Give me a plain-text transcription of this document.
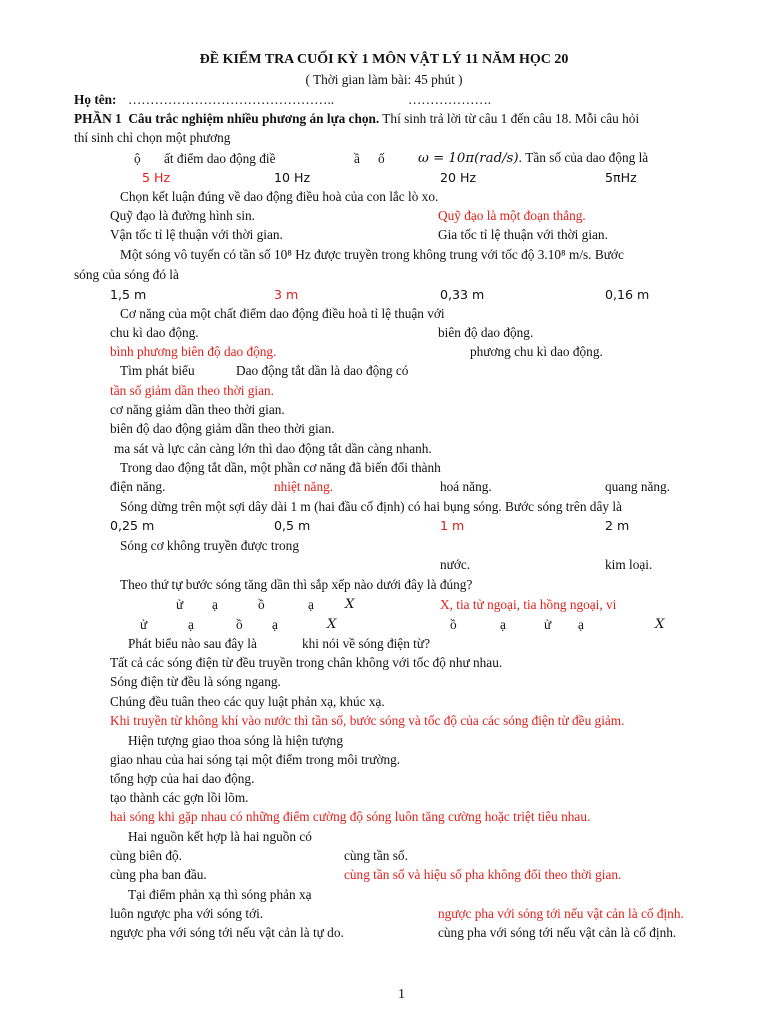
ĐỀ KIỂM TRA CUỐI KỲ 1 MÔN VẬT LÝ 11 NĂM HỌC 20
( Thời gian làm bài: 45 phút )
Họ tên: ………………………………………..	……………….
PHẦN 1 Câu trắc nghiệm nhiều phương án lựa chọn. Thí sinh trả lời từ câu 1 đến câu 18. Mỗi câu hỏi
thí sinh chỉ chọn một phương
ộ ất điểm dao động điề	ầ ố	ω = 10π(rad/s). Tần số của dao động là
5 Hz	10 Hz	20 Hz	5πHz
Chọn kết luận đúng về dao động điều hoà của con lắc lò xo.
Quỹ đạo là đường hình sin.	Quỹ đạo là một đoạn thẳng.
Vận tốc tỉ lệ thuận với thời gian.	Gia tốc tỉ lệ thuận với thời gian.
Một sóng vô tuyến có tần số 10⁸ Hz được truyền trong không trung với tốc độ 3.10⁸ m/s. Bước
sóng của sóng đó là
1,5 m	3 m	0,33 m	0,16 m
Cơ năng của một chất điểm dao động điều hoà tỉ lệ thuận với
chu kì dao động.	biên độ dao động.
bình phương biên độ dao động.	phương chu kì dao động.
Tìm phát biểu	Dao động tắt dần là dao động có
tần số giảm dần theo thời gian.
cơ năng giảm dần theo thời gian.
biên độ dao động giảm dần theo thời gian.
ma sát và lực cản càng lớn thì dao động tắt dần càng nhanh.
Trong dao động tắt dần, một phần cơ năng đã biến đổi thành
điện năng.	nhiệt năng.	hoá năng.	quang năng.
Sóng dừng trên một sợi dây dài 1 m (hai đầu cố định) có hai bụng sóng. Bước sóng trên dây là
0,25 m	0,5 m	1 m	2 m
Sóng cơ không truyền được trong
nước.	kim loại.
Theo thứ tự bước sóng tăng dần thì sắp xếp nào dưới đây là đúng?
ử ạ	ồ	ạ X	X, tia tử ngoại, tia hồng ngoại, vi
ử	ạ	ồ ạ	X	ồ	ạ	ử ạ	X
Phát biểu nào sau đây là	khi nói về sóng điện từ?
Tất cả các sóng điện từ đều truyền trong chân không với tốc độ như nhau.
Sóng điện từ đều là sóng ngang.
Chúng đều tuân theo các quy luật phản xạ, khúc xạ.
Khi truyền từ không khí vào nước thì tần số, bước sóng và tốc độ của các sóng điện từ đều giảm.
Hiện tượng giao thoa sóng là hiện tượng
giao nhau của hai sóng tại một điểm trong môi trường.
tổng hợp của hai dao động.
tạo thành các gợn lồi lõm.
hai sóng khi gặp nhau có những điểm cường độ sóng luôn tăng cường hoặc triệt tiêu nhau.
Hai nguồn kết hợp là hai nguồn có
cùng biên độ.	cùng tần số.
cùng pha ban đầu.	cùng tần số và hiệu số pha không đổi theo thời gian.
Tại điểm phản xạ thì sóng phản xạ
luôn ngược pha với sóng tới.	ngược pha với sóng tới nếu vật cản là cố định.
ngược pha với sóng tới nếu vật cản là tự do.	cùng pha với sóng tới nếu vật cản là cố định.
1
